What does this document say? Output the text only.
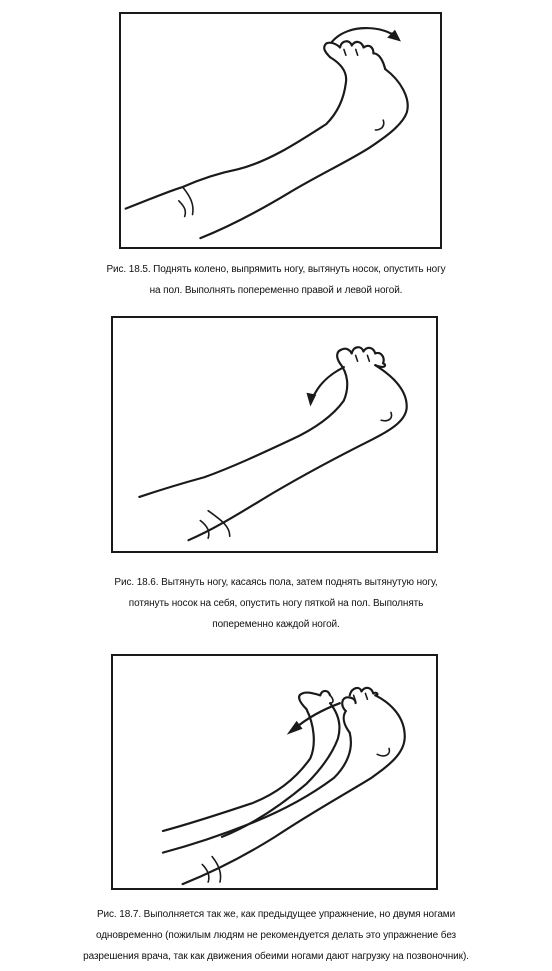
Рис. 18.5. Поднять колено, выпрямить ногу, вытянуть носок, опустить ногу

на пол. Выполнять попеременно правой и левой ногой.

Рис. 18.6. Вытянуть ногу, касаясь пола, затем поднять вытянутую ногу,

потянуть носок на себя, опустить ногу пяткой на пол. Выполнять

попеременно каждой ногой.

Рис. 18.7. Выполняется так же, как предыдущее упражнение, но двумя ногами

одновременно (пожилым людям не рекомендуется делать это упражнение без

разрешения врача, так как движения обеими ногами дают нагрузку на позвоночник).
